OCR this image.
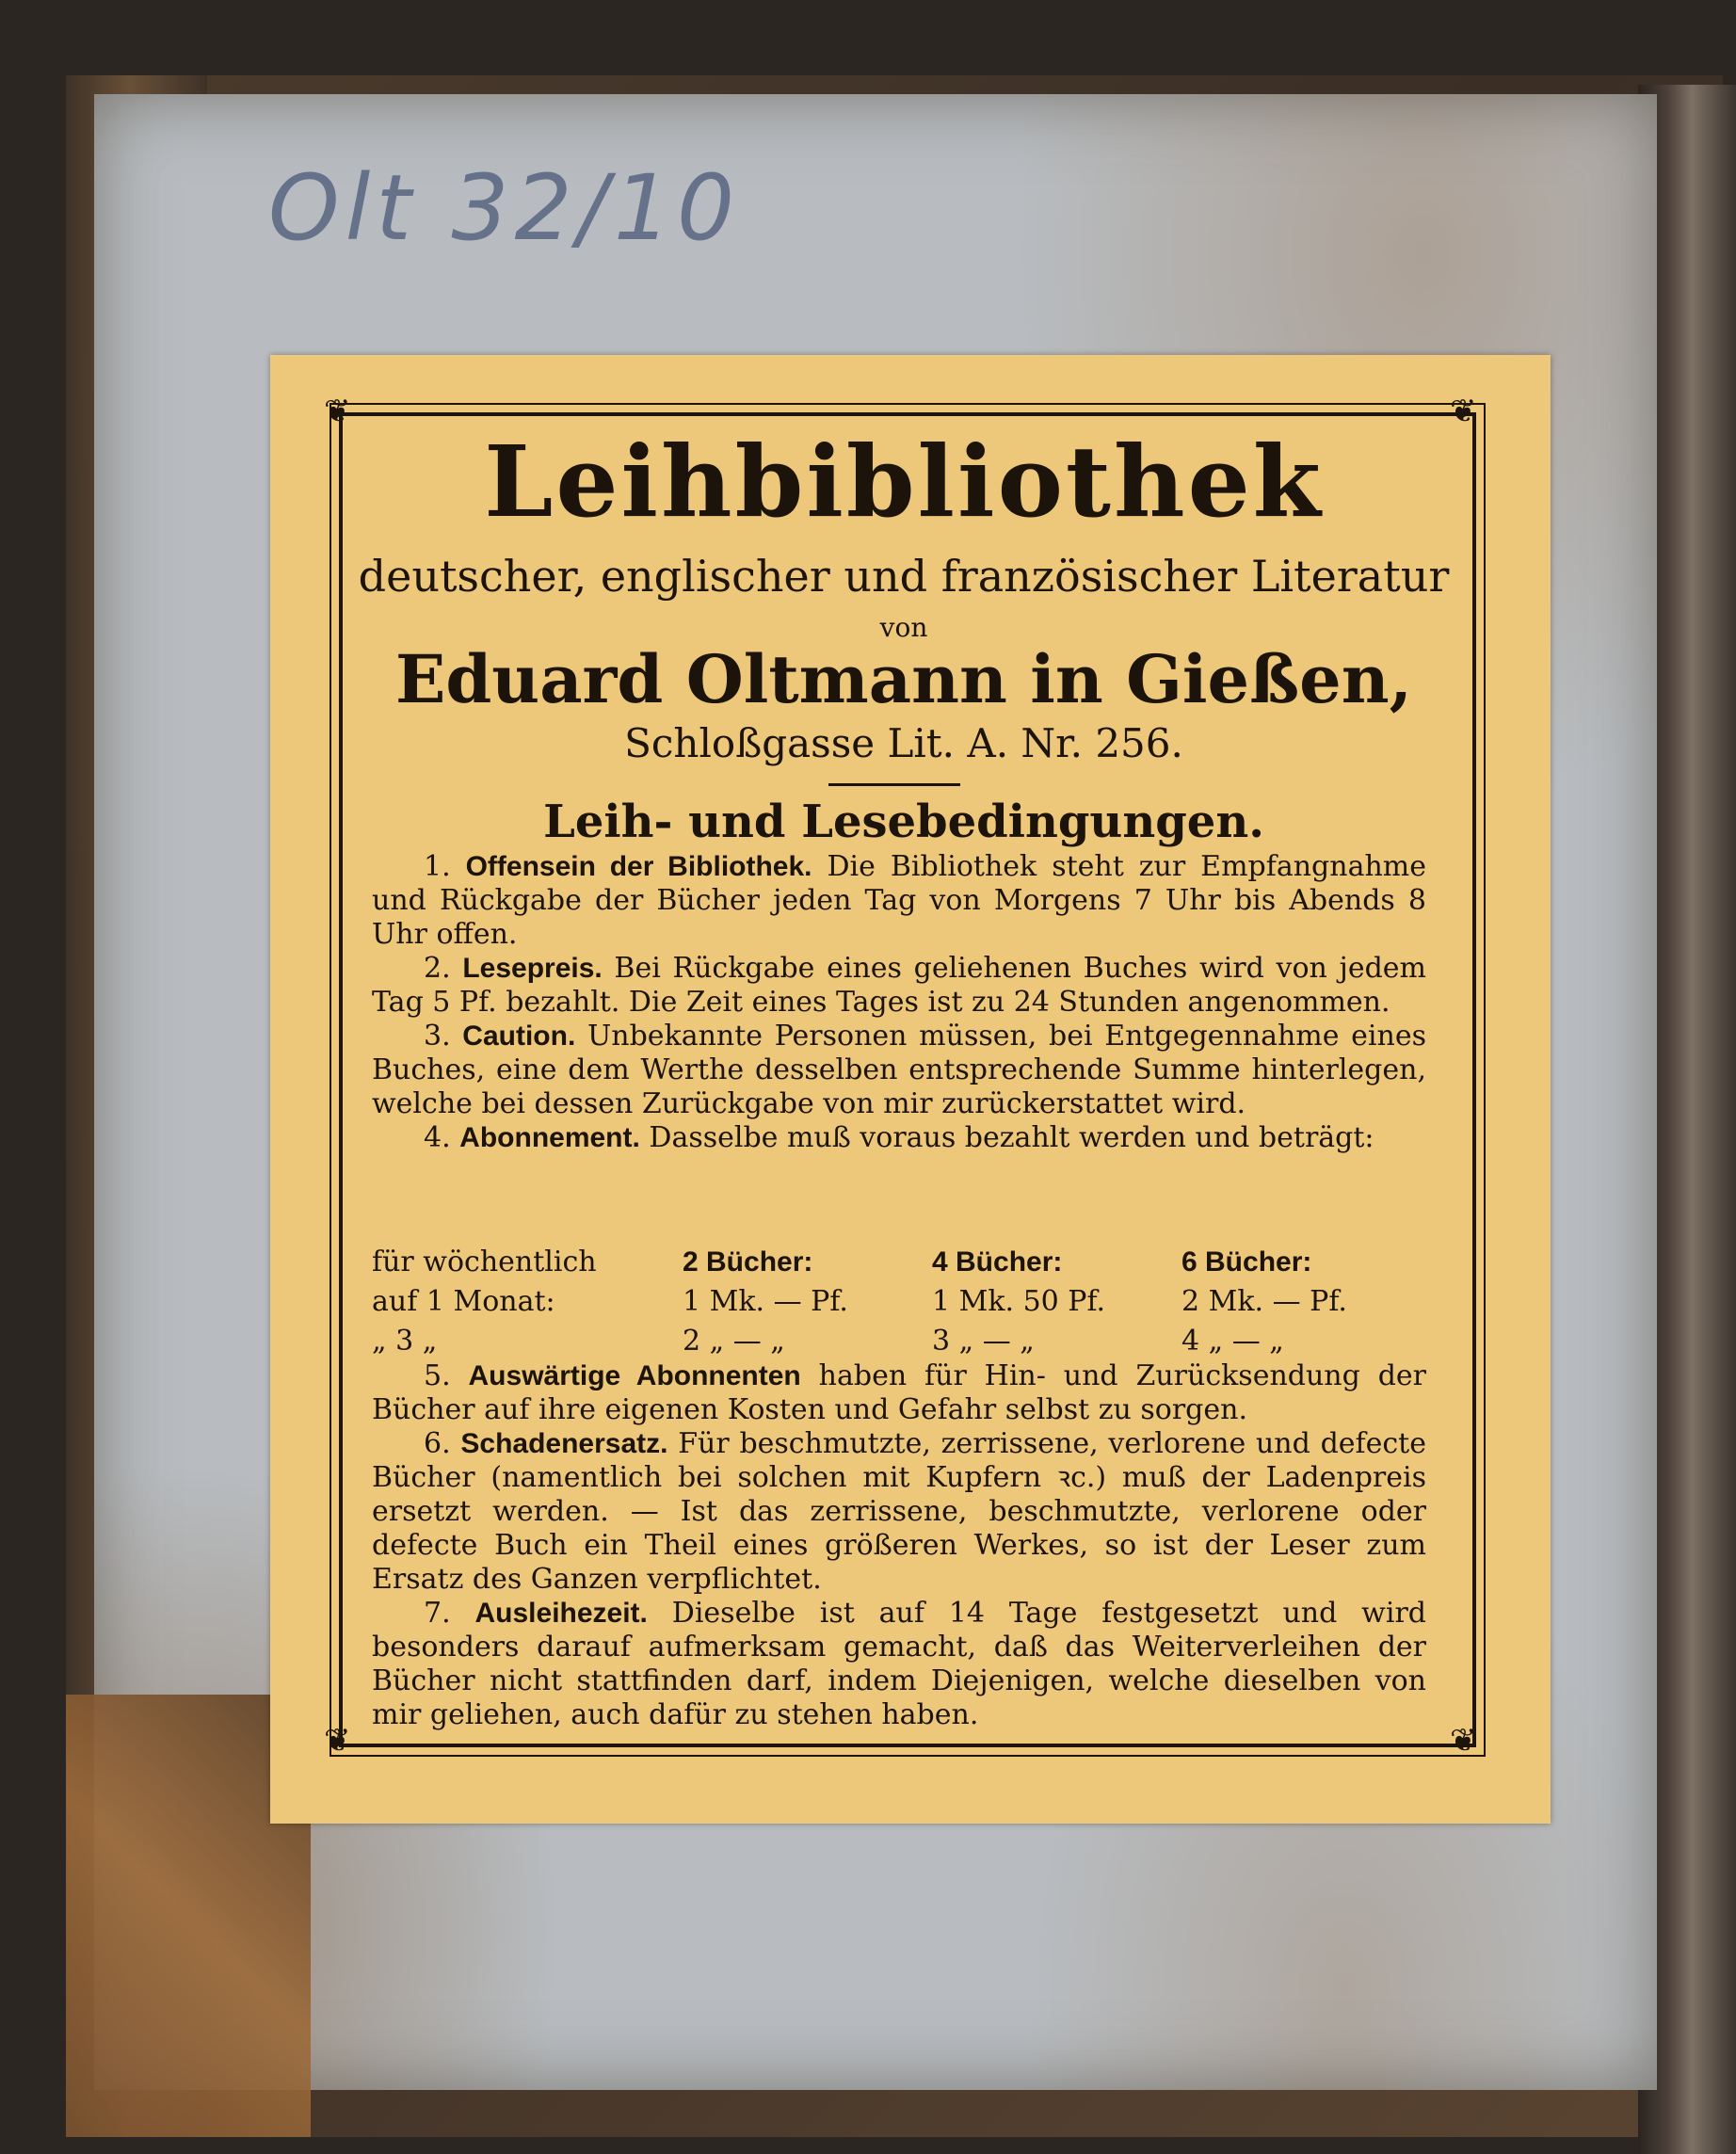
Olt 32/10
❦	❦
❦	❦
Leihbibliothek
deutscher, englischer und französischer Literatur
von
Eduard Oltmann in Gießen,
Schloßgasse Lit. A. Nr. 256.
Leih- und Lesebedingungen.

1. Offensein der Bibliothek. Die Bibliothek steht zur Empfangnahme und Rückgabe der Bücher jeden Tag von Morgens 7 Uhr bis Abends 8 Uhr offen.

2. Lesepreis. Bei Rückgabe eines geliehenen Buches wird von jedem Tag 5 Pf. bezahlt. Die Zeit eines Tages ist zu 24 Stunden angenommen.

3. Caution. Unbekannte Personen müssen, bei Entgegennahme eines Buches, eine dem Werthe desselben entsprechende Summe hinterlegen, welche bei dessen Zurückgabe von mir zurückerstattet wird.

4. Abonnement. Dasselbe muß voraus bezahlt werden und beträgt:

für wöchentlich	2 Bücher:	4 Bücher:	6 Bücher:
auf 1 Monat:	1 Mk. — Pf.	1 Mk. 50 Pf.	2 Mk. — Pf.
„ 3 „	2 „ — „	3 „ — „	4 „ — „

5. Auswärtige Abonnenten haben für Hin- und Zurücksendung der Bücher auf ihre eigenen Kosten und Gefahr selbst zu sorgen.

6. Schadenersatz. Für beschmutzte, zerrissene, verlorene und defecte Bücher (namentlich bei solchen mit Kupfern ꝛc.) muß der Ladenpreis ersetzt werden. — Ist das zerrissene, beschmutzte, verlorene oder defecte Buch ein Theil eines größeren Werkes, so ist der Leser zum Ersatz des Ganzen verpflichtet.

7. Ausleihezeit. Dieselbe ist auf 14 Tage festgesetzt und wird besonders darauf aufmerksam gemacht, daß das Weiterverleihen der Bücher nicht stattfinden darf, indem Diejenigen, welche dieselben von mir geliehen, auch dafür zu stehen haben.
